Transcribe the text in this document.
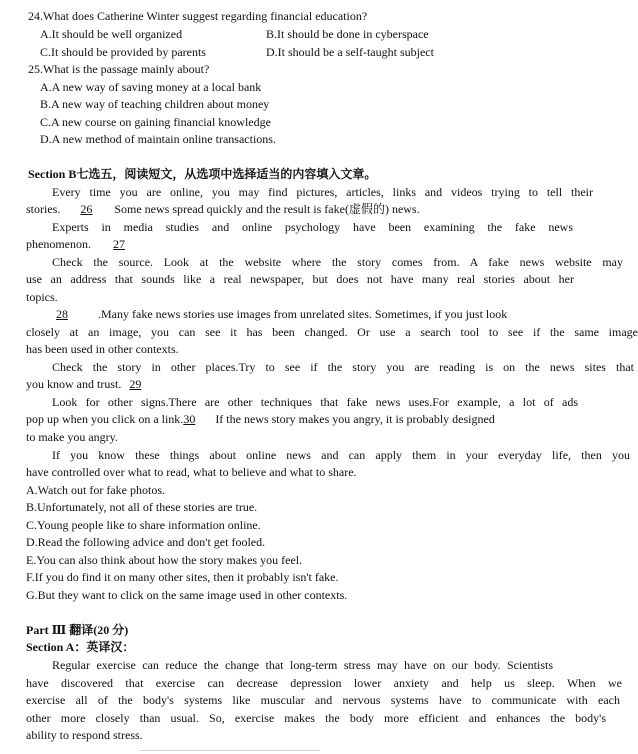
24.What does Catherine Winter suggest regarding financial education?
A.It should be well organized	B.It should be done in cyberspace
C.It should be provided by parents	D.It should be a self-taught subject
25.What is the passage mainly about?
A.A new way of saving money at a local bank
B.A new way of teaching children about money
C.A new course on gaining financial knowledge
D.A new method of maintain online transactions.
Section B七选五，阅读短文，从选项中选择适当的内容填入文章。
Every time you are online, you may find pictures, articles, links and videos trying to tell their
stories. 26 Some news spread quickly and the result is fake(虚假的) news.
Experts in media studies and online psychology have been examining the fake news
phenomenon. 27
Check the source. Look at the website where the story comes from. A fake news website may
use an address that sounds like a real newspaper, but does not have many real stories about her
topics.
28	.Many fake news stories use images from unrelated sites. Sometimes, if you just look
closely at an image, you can see it has been changed. Or use a search tool to see if the same image
has been used in other contexts.
Check the story in other places.Try to see if the story you are reading is on the news sites that
you know and trust. 29
Look for other signs.There are other techniques that fake news uses.For example, a lot of ads
pop up when you click on a link.30 If the news story makes you angry, it is probably designed
to make you angry.
If you know these things about online news and can apply them in your everyday life, then you
have controlled over what to read, what to believe and what to share.
A.Watch out for fake photos.
B.Unfortunately, not all of these stories are true.
C.Young people like to share information online.
D.Read the following advice and don't get fooled.
E.You can also think about how the story makes you feel.
F.If you do find it on many other sites, then it probably isn't fake.
G.But they want to click on the same image used in other contexts.
Part Ⅲ 翻译(20 分)
Section A：英译汉：
Regular exercise can reduce the change that long-term stress may have on our body. Scientists
have discovered that exercise can decrease depression lower anxiety and help us sleep. When we
exercise all of the body's systems like muscular and nervous systems have to communicate with each
other more closely than usual. So, exercise makes the body more efficient and enhances the body's
ability to respond stress.
